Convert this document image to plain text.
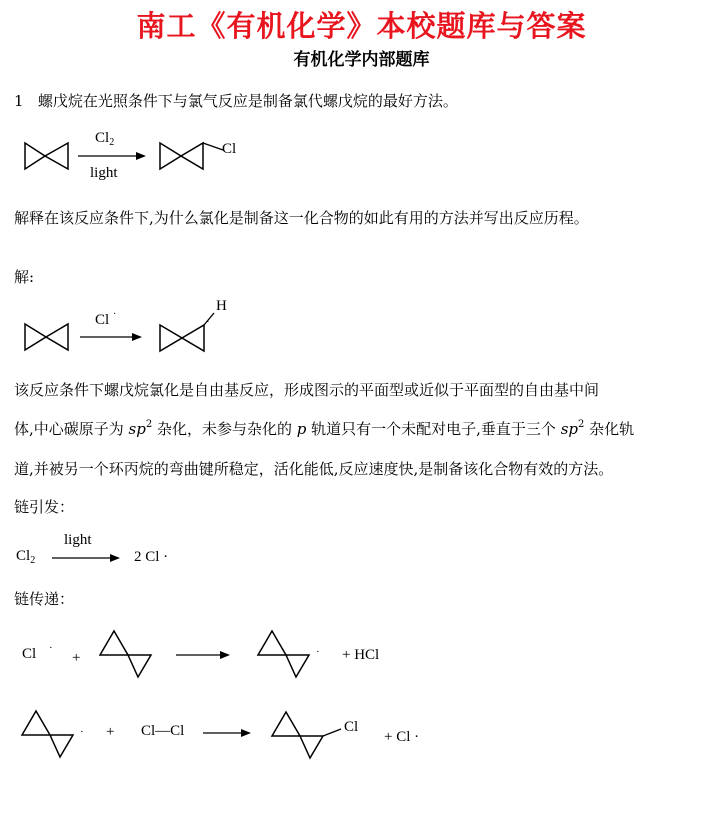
南工《有机化学》本校题库与答案
有机化学内部题库
1 螺戊烷在光照条件下与氯气反应是制备氯代螺戊烷的最好方法。
$Cl_2$
light
Cl
解释在该反应条件下,为什么氯化是制备这一化合物的如此有用的方法并写出反应历程。
解:
Cl ·
H
·
该反应条件下螺戊烷氯化是自由基反应，形成图示的平面型或近似于平面型的自由基中间
体,中心碳原子为 $sp^2$ 杂化，未参与杂化的 p 轨道只有一个未配对电子,垂直于三个 $sp^2$ 杂化轨
道,并被另一个环丙烷的弯曲键所稳定，活化能低,反应速度快,是制备该化合物有效的方法。
链引发：
$Cl_2$
light
2 Cl ·
链传递：
Cl ·
+	· + HCl
· + Cl—Cl	Cl
+ Cl ·
